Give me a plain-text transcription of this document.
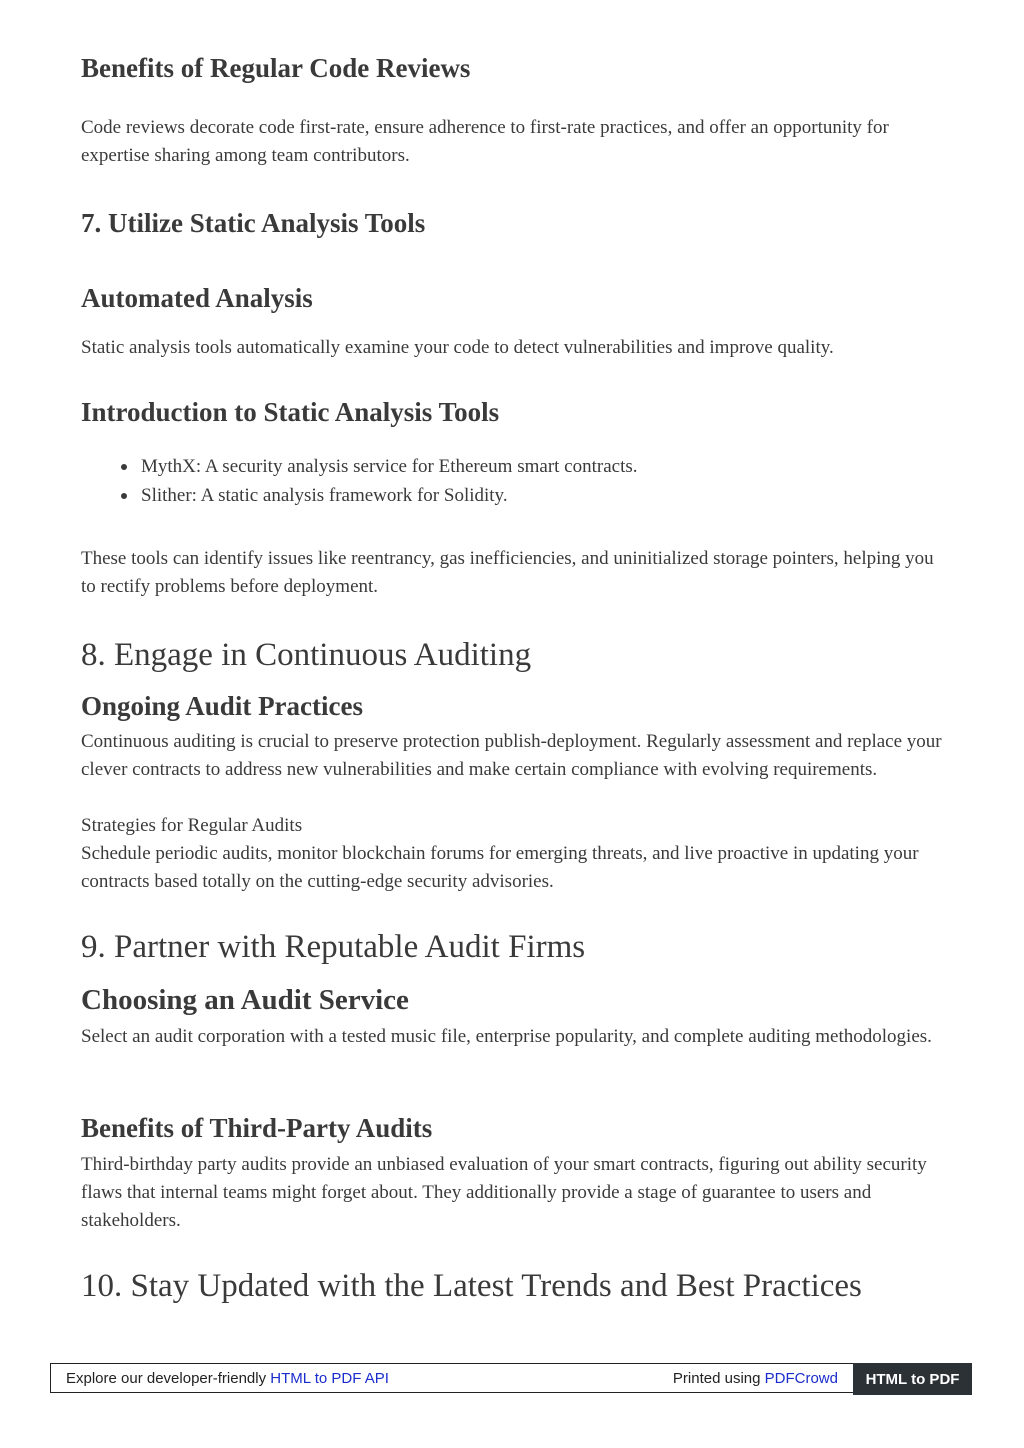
Benefits of Regular Code Reviews

Code reviews decorate code first-rate, ensure adherence to first-rate practices, and offer an opportunity for expertise sharing among team contributors.

7. Utilize Static Analysis Tools
Automated Analysis

Static analysis tools automatically examine your code to detect vulnerabilities and improve quality.

Introduction to Static Analysis Tools
MythX: A security analysis service for Ethereum smart contracts.
Slither: A static analysis framework for Solidity.

These tools can identify issues like reentrancy, gas inefficiencies, and uninitialized storage pointers, helping you to rectify problems before deployment.

8. Engage in Continuous Auditing
Ongoing Audit Practices

Continuous auditing is crucial to preserve protection publish-deployment. Regularly assessment and replace your clever contracts to address new vulnerabilities and make certain compliance with evolving requirements.

Strategies for Regular Audits

Schedule periodic audits, monitor blockchain forums for emerging threats, and live proactive in updating your contracts based totally on the cutting-edge security advisories.

9. Partner with Reputable Audit Firms
Choosing an Audit Service

Select an audit corporation with a tested music file, enterprise popularity, and complete auditing methodologies.

Benefits of Third-Party Audits

Third-birthday party audits provide an unbiased evaluation of your smart contracts, figuring out ability security flaws that internal teams might forget about. They additionally provide a stage of guarantee to users and stakeholders.

10. Stay Updated with the Latest Trends and Best Practices
Explore our developer-friendly HTML to PDF API	Printed using PDFCrowd	HTML to PDF
